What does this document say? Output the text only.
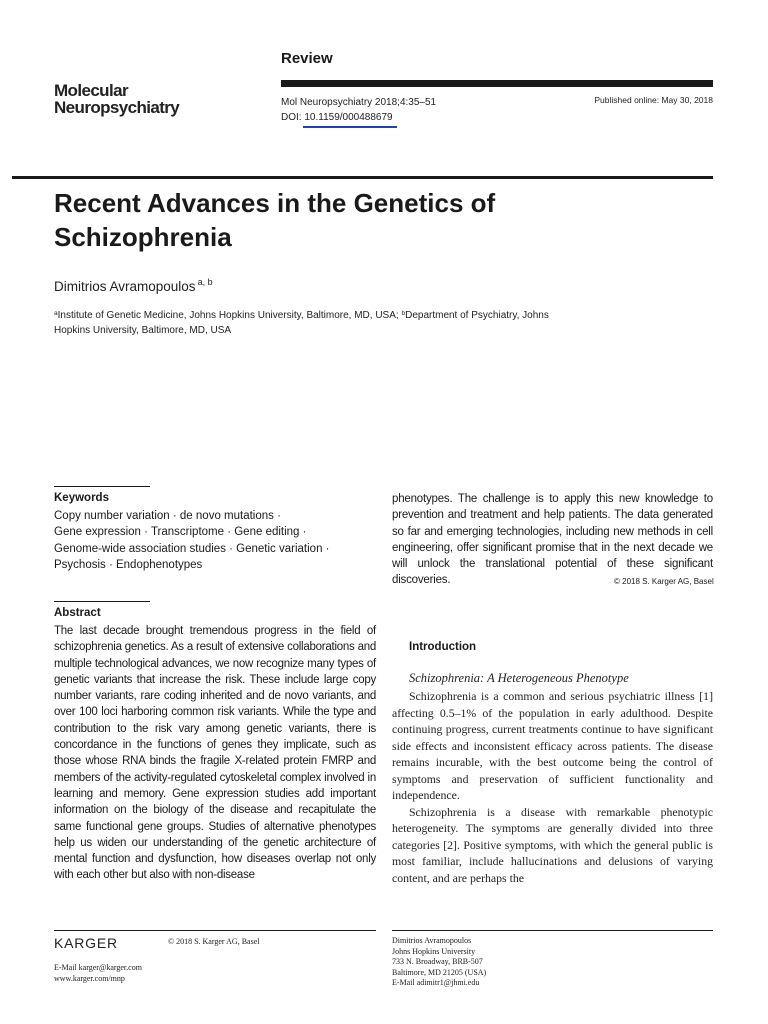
Review
Molecular
Neuropsychiatry	Mol Neuropsychiatry 2018;4:35–51
DOI: 10.1159/000488679
Published online: May 30, 2018
Recent Advances in the Genetics of Schizophrenia
Dimitrios Avramopoulos $^{a, b}$
$^a$Institute of Genetic Medicine, Johns Hopkins University, Baltimore, MD, USA; $^b$Department of Psychiatry, Johns Hopkins University, Baltimore, MD, USA
Keywords
Copy number variation · de novo mutations ·
Gene expression · Transcriptome · Gene editing ·
Genome-wide association studies · Genetic variation ·
Psychosis · Endophenotypes
Abstract
The last decade brought tremendous progress in the field of schizophrenia genetics. As a result of extensive collaborations and multiple technological advances, we now recognize many types of genetic variants that increase the risk. These include large copy number variants, rare coding inherited and de novo variants, and over 100 loci harboring common risk variants. While the type and contribution to the risk vary among genetic variants, there is concordance in the functions of genes they implicate, such as those whose RNA binds the fragile X-related protein FMRP and members of the activity-regulated cytoskeletal complex involved in learning and memory. Gene expression studies add important information on the biology of the disease and recapitulate the same functional gene groups. Studies of alternative phenotypes help us widen our understanding of the genetic architecture of mental function and dysfunction, how diseases overlap not only with each other but also with non-disease
phenotypes. The challenge is to apply this new knowledge to prevention and treatment and help patients. The data generated so far and emerging technologies, including new methods in cell engineering, offer significant promise that in the next decade we will unlock the translational potential of these significant discoveries.	© 2018 S. Karger AG, Basel
Introduction
Schizophrenia: A Heterogeneous Phenotype

Schizophrenia is a common and serious psychiatric illness [1] affecting 0.5–1% of the population in early adulthood. Despite continuing progress, current treatments continue to have significant side effects and inconsistent efficacy across patients. The disease remains incurable, with the best outcome being the control of symptoms and preservation of sufficient functionality and independence.

Schizophrenia is a disease with remarkable phenotypic heterogeneity. The symptoms are generally divided into three categories [2]. Positive symptoms, with which the general public is most familiar, include hallucinations and delusions of varying content, and are perhaps the

KARGER	© 2018 S. Karger AG, Basel
E-Mail karger@karger.com
www.karger.com/mnp
Dimitrios Avramopoulos
Johns Hopkins University
733 N. Broadway, BRB-507
Baltimore, MD 21205 (USA)
E-Mail adimitr1@jhmi.edu
